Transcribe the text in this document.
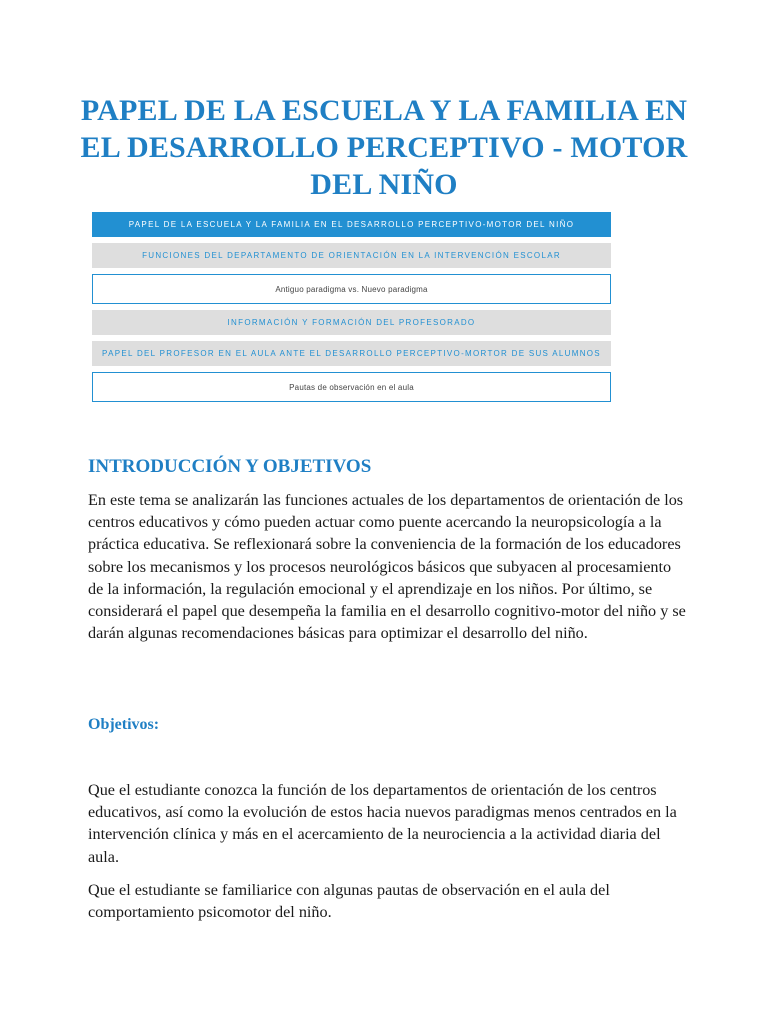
PAPEL DE LA ESCUELA Y LA FAMILIA EN EL DESARROLLO PERCEPTIVO - MOTOR DEL NIÑO
PAPEL DE LA ESCUELA Y LA FAMILIA EN EL DESARROLLO PERCEPTIVO-MOTOR DEL NIÑO
FUNCIONES DEL DEPARTAMENTO DE ORIENTACIÓN EN LA INTERVENCIÓN ESCOLAR
Antiguo paradigma vs. Nuevo paradigma
INFORMACIÓN Y FORMACIÓN DEL PROFESORADO
PAPEL DEL PROFESOR EN EL AULA ANTE EL DESARROLLO PERCEPTIVO-MORTOR DE SUS ALUMNOS
Pautas de observación en el aula
INTRODUCCIÓN Y OBJETIVOS

En este tema se analizarán las funciones actuales de los departamentos de orientación de los centros educativos y cómo pueden actuar como puente acercando la neuropsicología a la práctica educativa. Se reflexionará sobre la conveniencia de la formación de los educadores sobre los mecanismos y los procesos neurológicos básicos que subyacen al procesamiento de la información, la regulación emocional y el aprendizaje en los niños. Por último, se considerará el papel que desempeña la familia en el desarrollo cognitivo-motor del niño y se darán algunas recomendaciones básicas para optimizar el desarrollo del niño.

Objetivos:

Que el estudiante conozca la función de los departamentos de orientación de los centros educativos, así como la evolución de estos hacia nuevos paradigmas menos centrados en la intervención clínica y más en el acercamiento de la neurociencia a la actividad diaria del aula.

Que el estudiante se familiarice con algunas pautas de observación en el aula del comportamiento psicomotor del niño.
